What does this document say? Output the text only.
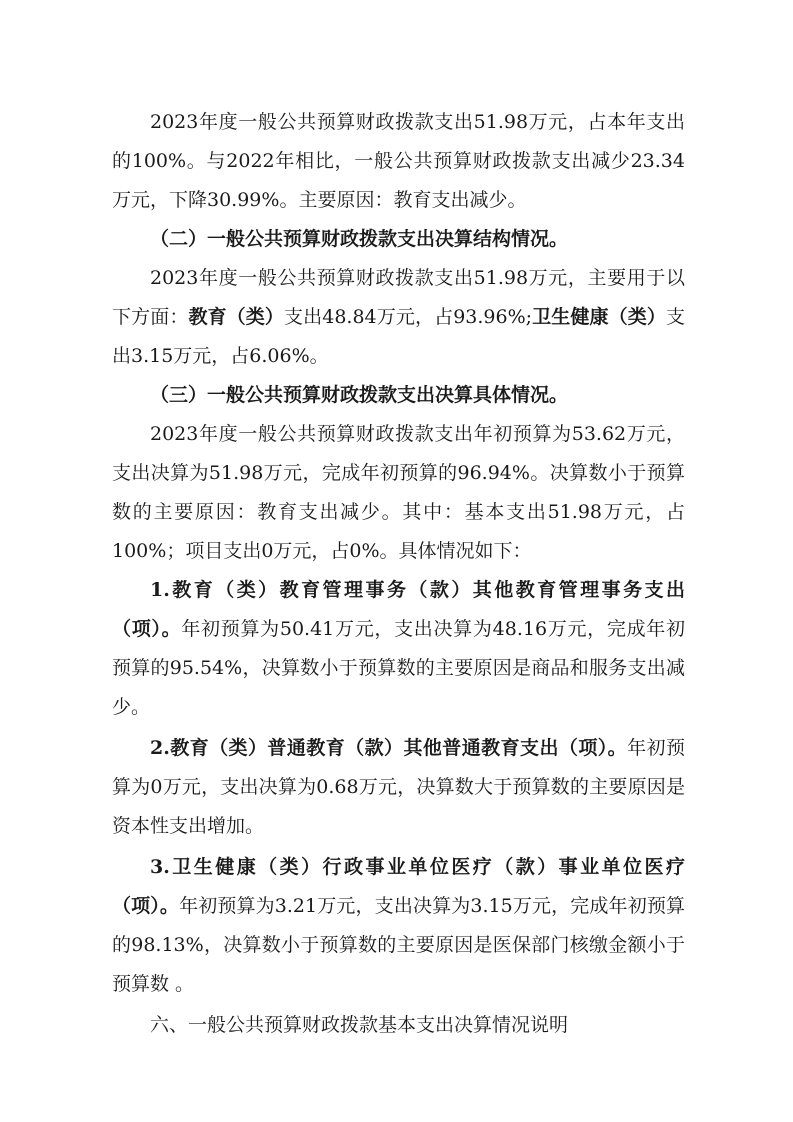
2023年度一般公共预算财政拨款支出51.98万元，占本年支出的100%。与2022年相比，一般公共预算财政拨款支出减少23.34万元，下降30.99%。主要原因：教育支出减少。

（二）一般公共预算财政拨款支出决算结构情况。

2023年度一般公共预算财政拨款支出51.98万元，主要用于以下方面：教育（类）支出48.84万元，占93.96%;卫生健康（类）支出3.15万元，占6.06%。

（三）一般公共预算财政拨款支出决算具体情况。

2023年度一般公共预算财政拨款支出年初预算为53.62万元，支出决算为51.98万元，完成年初预算的96.94%。决算数小于预算数的主要原因：教育支出减少。其中：基本支出51.98万元，占100%；项目支出0万元，占0%。具体情况如下：

1.教育（类）教育管理事务（款）其他教育管理事务支出（项）。年初预算为50.41万元，支出决算为48.16万元，完成年初预算的95.54%，决算数小于预算数的主要原因是商品和服务支出减少。

2.教育（类）普通教育（款）其他普通教育支出（项）。年初预算为0万元，支出决算为0.68万元，决算数大于预算数的主要原因是资本性支出增加。

3.卫生健康（类）行政事业单位医疗（款）事业单位医疗（项）。年初预算为3.21万元，支出决算为3.15万元，完成年初预算的98.13%，决算数小于预算数的主要原因是医保部门核缴金额小于预算数 。

六、一般公共预算财政拨款基本支出决算情况说明
